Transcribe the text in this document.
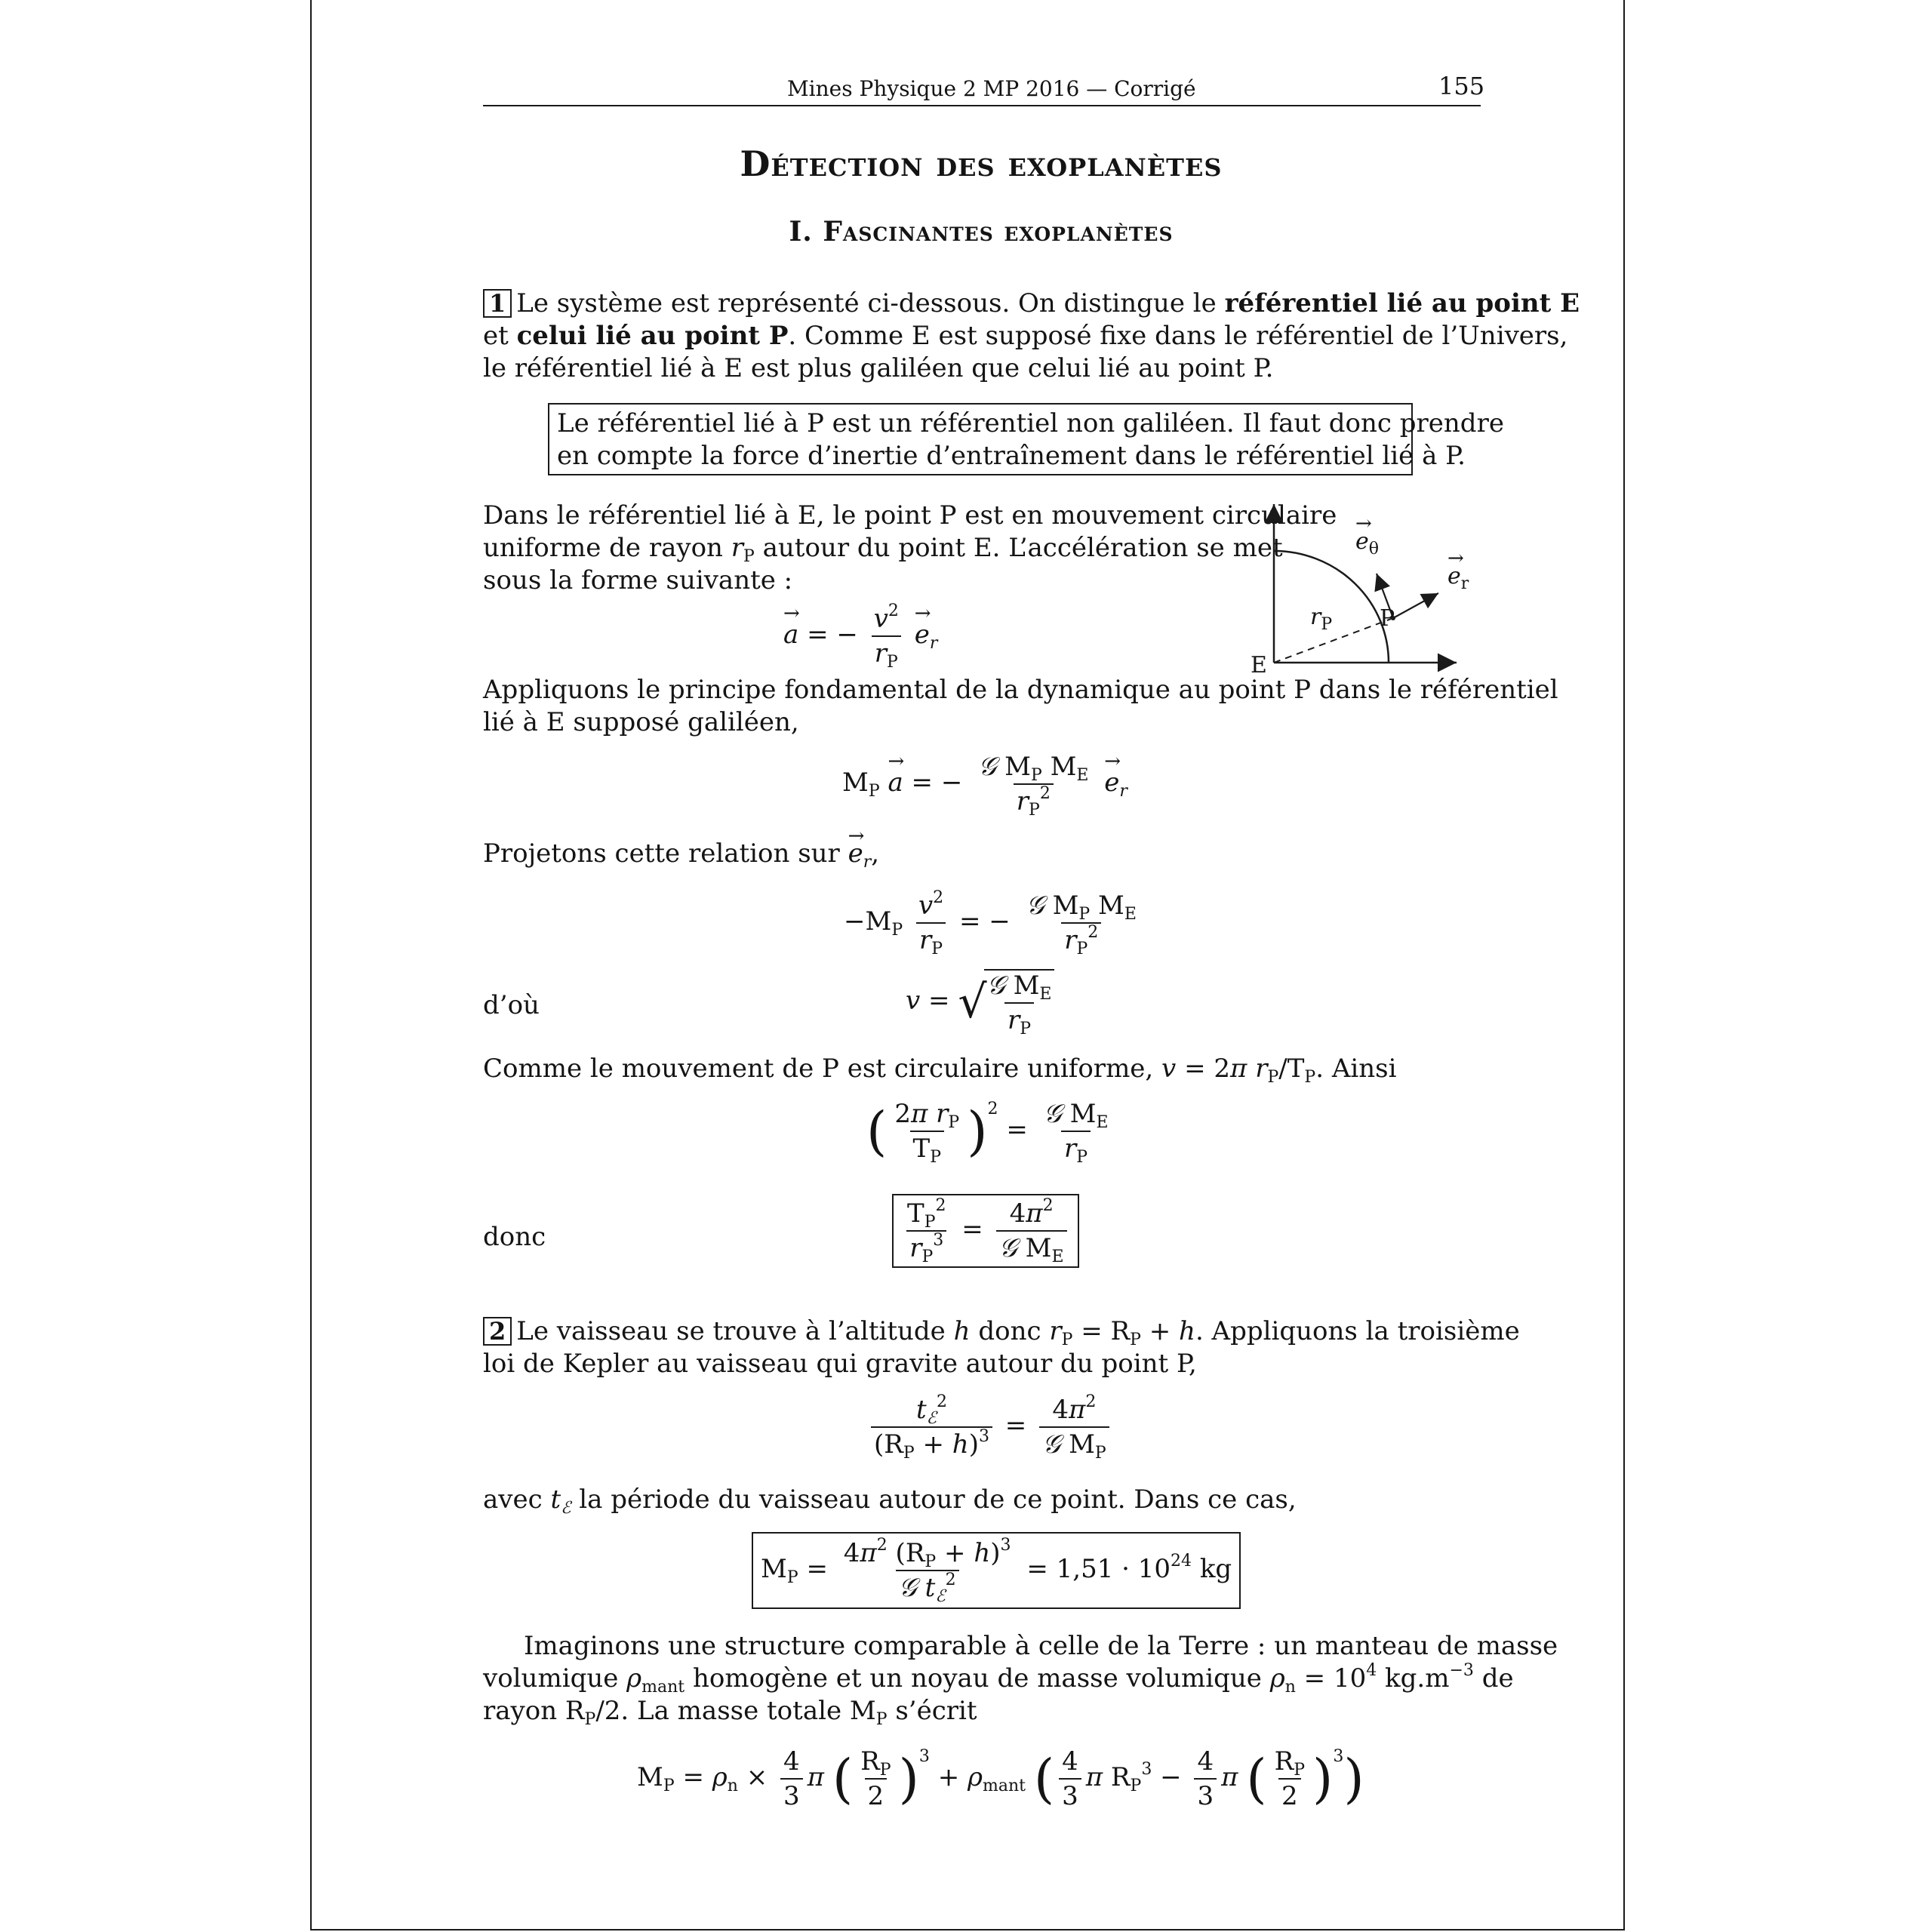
Mines Physique 2 MP 2016 — Corrigé	155
Détection des exoplanètes
I. Fascinantes exoplanètes
1 Le système est représenté ci-dessous. On distingue le référentiel lié au point E
et celui lié au point P. Comme E est supposé fixe dans le référentiel de l’Univers,
le référentiel lié à E est plus galiléen que celui lié au point P.
Le référentiel lié à P est un référentiel non galiléen. Il faut donc prendre
en compte la force d’inertie d’entraînement dans le référentiel lié à P.
Dans le référentiel lié à E, le point P est en mouvement circulaire
uniforme de rayon $r_P$ autour du point E. L’accélération se met
sous la forme suivante :
→ a = − $\frac{v^2}{r_P}$
→ $e_r$
E
P
$r_P$
→ $e_r$
→ $e_\theta$
Appliquons le principe fondamental de la dynamique au point P dans le référentiel
lié à E supposé galiléen,
$M_P \to a$ = − $\frac{𝒢 M_P M_E}{r_P^2}$
→ $e_r$
Projetons cette relation sur → $e_r$,
$-M_P \frac{v^2}{r_P}$ = − $\frac{𝒢 M_P M_E}{r_P^2}$
d’où	v = √
$\frac{𝒢 M_E}{r_P}$
Comme le mouvement de P est circulaire uniforme, v = 2π $r_P/T_P$. Ainsi
( $\frac{2\pi r_P}{T_P} )^2 = \frac{𝒢 M_E}{r_P}$
donc	$\frac{T_P^2}{r_P^3} = \frac{4\pi^2}{𝒢 M_E}$
2 Le vaisseau se trouve à l’altitude h donc $r_P = R_P + h$. Appliquons la troisième
loi de Kepler au vaisseau qui gravite autour du point P,
$\frac{t_ℰ^2}{(R_P + h)^3} = \frac{4\pi^2}{𝒢 M_P}$
avec $t_ℰ$ la période du vaisseau autour de ce point. Dans ce cas,
$M_P = \frac{4\pi^2 (R_P + h)^3}{𝒢 t_ℰ^2} = 1,51 \cdot 10^{24}$ kg
Imaginons une structure comparable à celle de la Terre : un manteau de masse
volumique $\rho_{mant}$ homogène et un noyau de masse volumique $\rho_n = 10^4$ $kg.m^{-3}$ de
rayon $R_P/2$. La masse totale $M_P$ s’écrit
$M_P = \rho_n \times \frac{4}{3}$ π ( $\frac{R_P}{2} )^3 + \rho_{mant}$ ( $\frac{4}{3}$ π $R_P^3 - \frac{4}{3}$ π ( $\frac{R_P}{2} )^3$)
